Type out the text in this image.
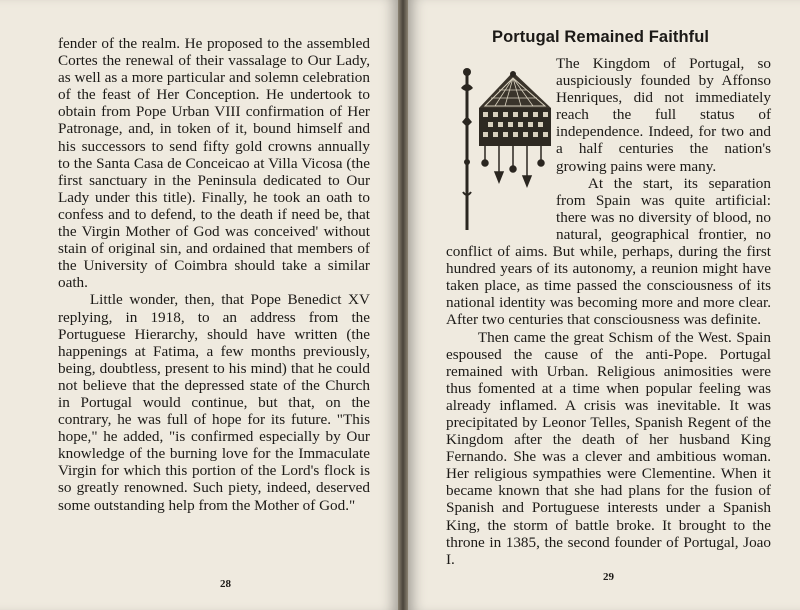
fender of the realm. He proposed to the assembled Cortes the renewal of their vassalage to Our Lady, as well as a more particular and solemn celebration of the feast of Her Conception. He undertook to obtain from Pope Urban VIII confirmation of Her Patronage, and, in token of it, bound himself and his successors to send fifty gold crowns annually to the Santa Casa de Conceicao at Villa Vicosa (the first sanctuary in the Peninsula dedicated to Our Lady under this title). Finally, he took an oath to confess and to defend, to the death if need be, that the Virgin Mother of God was conceived' without stain of original sin, and ordained that members of the University of Coimbra should take a similar oath.

Little wonder, then, that Pope Benedict XV replying, in 1918, to an address from the Portuguese Hierarchy, should have written (the happenings at Fatima, a few months previously, being, doubtless, present to his mind) that he could not believe that the depressed state of the Church in Portugal would continue, but that, on the contrary, he was full of hope for its future. "This hope," he added, "is confirmed especially by Our knowledge of the burning love for the Immaculate Virgin for which this portion of the Lord's flock is so greatly renowned. Such piety, indeed, deserved some outstanding help from the Mother of God."

28
Portugal Remained Faithful

The Kingdom of Portugal, so auspiciously founded by Affonso Henriques, did not immediately reach the full status of independence. Indeed, for two and a half centuries the nation's growing pains were many.

At the start, its separation from Spain was quite artificial: there was no diversity of blood, no natural, geographical frontier, no conflict of aims. But while, perhaps, during the first hundred years of its autonomy, a reunion might have taken place, as time passed the consciousness of its national identity was becoming more and more clear. After two centuries that consciousness was definite.

Then came the great Schism of the West. Spain espoused the cause of the anti-Pope. Portugal remained with Urban. Religious animosities were thus fomented at a time when popular feeling was already inflamed. A crisis was inevitable. It was precipitated by Leonor Telles, Spanish Regent of the Kingdom after the death of her husband King Fernando. She was a clever and ambitious woman. Her religious sympathies were Clementine. When it became known that she had plans for the fusion of Spanish and Portuguese interests under a Spanish King, the storm of battle broke. It brought to the throne in 1385, the second founder of Portugal, Joao I.

29
